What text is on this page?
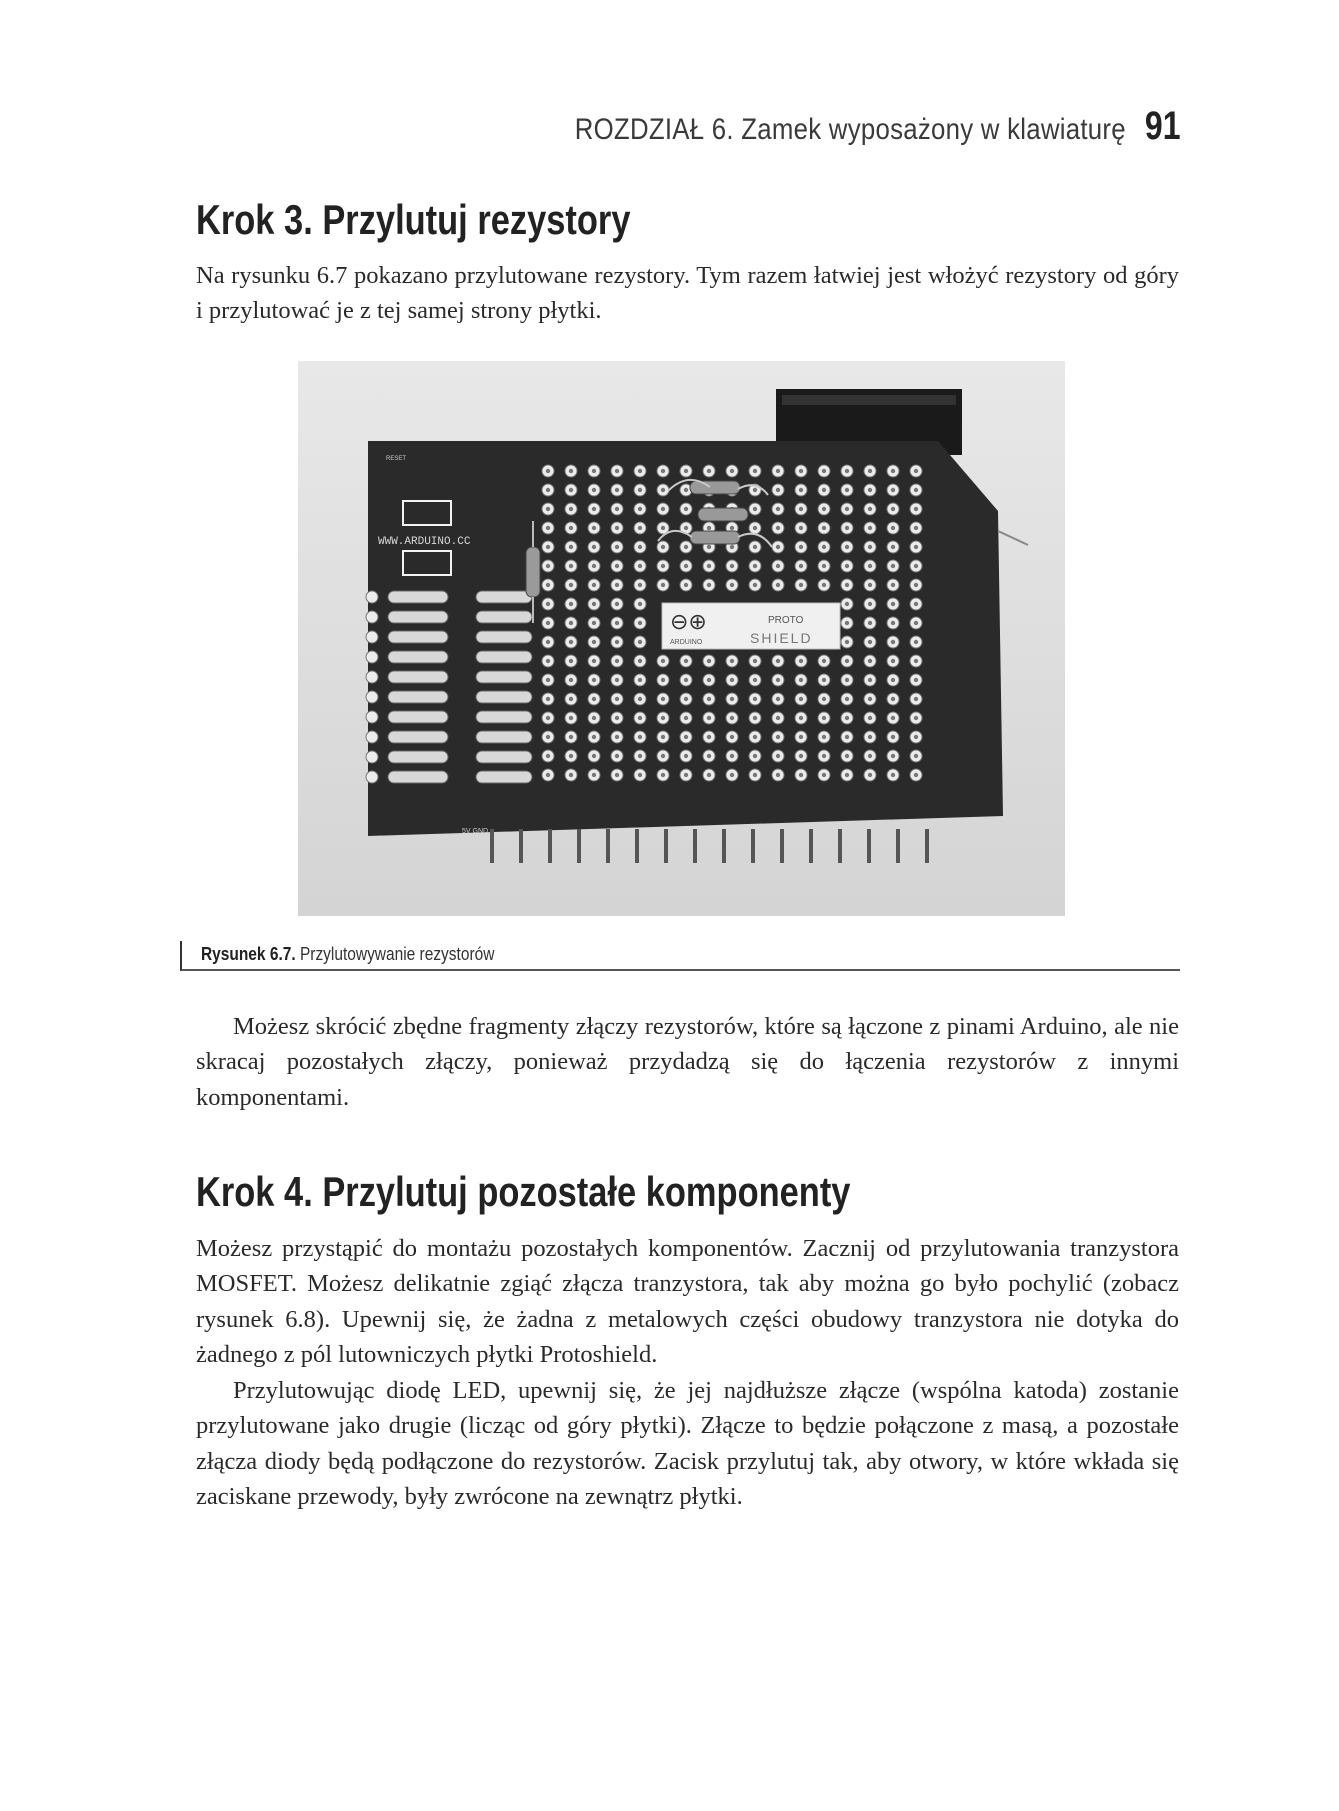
ROZDZIAŁ 6. Zamek wyposażony w klawiaturę 91
Krok 3. Przylutuj rezystory

Na rysunku 6.7 pokazano przylutowane rezystory. Tym razem łatwiej jest włożyć rezystory od góry i przylutować je z tej samej strony płytki.

⊖⊕
ARDUINO
PROTO
SHIELD
WWW.ARDUINO.CC
RESET
5V GND
Rysunek 6.7. Przylutowywanie rezystorów

Możesz skrócić zbędne fragmenty złączy rezystorów, które są łączone z pinami Arduino, ale nie skracaj pozostałych złączy, ponieważ przydadzą się do łączenia rezystorów z innymi komponentami.

Krok 4. Przylutuj pozostałe komponenty

Możesz przystąpić do montażu pozostałych komponentów. Zacznij od przylutowania tranzystora MOSFET. Możesz delikatnie zgiąć złącza tranzystora, tak aby można go było pochylić (zobacz rysunek 6.8). Upewnij się, że żadna z metalowych części obudowy tranzystora nie dotyka do żadnego z pól lutowniczych płytki Protoshield.

Przylutowując diodę LED, upewnij się, że jej najdłuższe złącze (wspólna katoda) zostanie przylutowane jako drugie (licząc od góry płytki). Złącze to będzie połączone z masą, a pozostałe złącza diody będą podłączone do rezystorów. Zacisk przylutuj tak, aby otwory, w które wkłada się zaciskane przewody, były zwrócone na zewnątrz płytki.
